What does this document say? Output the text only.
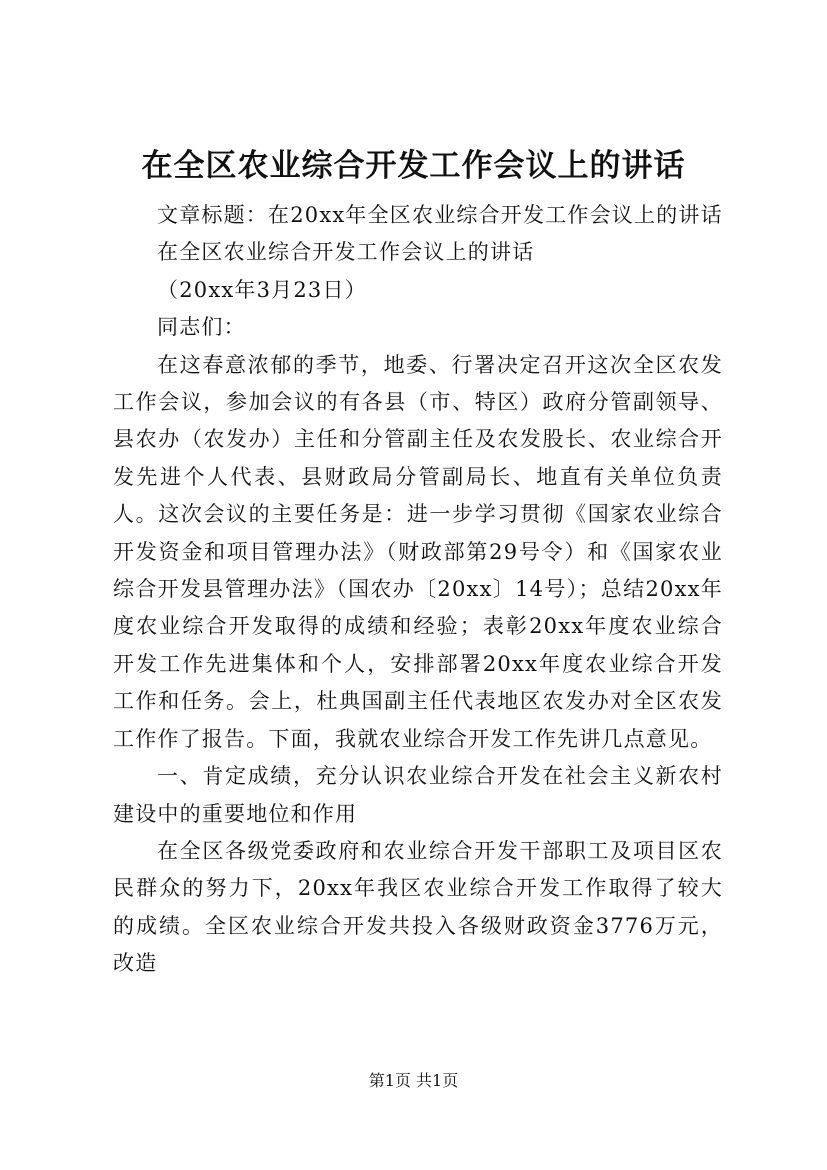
在全区农业综合开发工作会议上的讲话

文章标题：在20xx年全区农业综合开发工作会议上的讲话

在全区农业综合开发工作会议上的讲话

（20xx年3月23日）

同志们：

在这春意浓郁的季节，地委、行署决定召开这次全区农发工作会议，参加会议的有各县（市、特区）政府分管副领导、县农办（农发办）主任和分管副主任及农发股长、农业综合开发先进个人代表、县财政局分管副局长、地直有关单位负责人。这次会议的主要任务是：进一步学习贯彻《国家农业综合开发资金和项目管理办法》（财政部第29号令）和《国家农业综合开发县管理办法》（国农办〔20xx〕14号）；总结20xx年度农业综合开发取得的成绩和经验；表彰20xx年度农业综合开发工作先进集体和个人，安排部署20xx年度农业综合开发工作和任务。会上，杜典国副主任代表地区农发办对全区农发工作作了报告。下面，我就农业综合开发工作先讲几点意见。

一、肯定成绩，充分认识农业综合开发在社会主义新农村建设中的重要地位和作用

在全区各级党委政府和农业综合开发干部职工及项目区农民群众的努力下，20xx年我区农业综合开发工作取得了较大的成绩。全区农业综合开发共投入各级财政资金3776万元，改造

第1页 共1页
